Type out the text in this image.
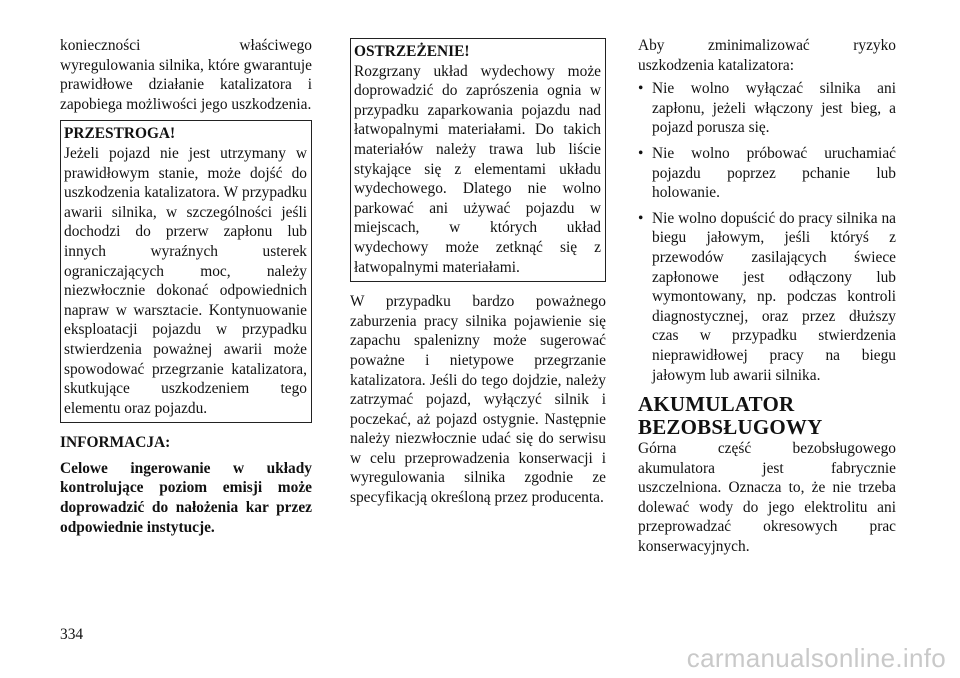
konieczności właściwego wyregulowania silnika, które gwarantuje prawidłowe działanie katalizatora i zapobiega możliwości jego uszkodzenia.

PRZESTROGA!

Jeżeli pojazd nie jest utrzymany w prawidłowym stanie, może dojść do uszkodzenia katalizatora. W przypadku awarii silnika, w szczególności jeśli dochodzi do przerw zapłonu lub innych wyraźnych usterek ograniczających moc, należy niezwłocznie dokonać odpowiednich napraw w warsztacie. Kontynuowanie eksploatacji pojazdu w przypadku stwierdzenia poważnej awarii może spowodować przegrzanie katalizatora, skutkujące uszkodzeniem tego elementu oraz pojazdu.

INFORMACJA:

Celowe ingerowanie w układy kontrolujące poziom emisji może doprowadzić do nałożenia kar przez odpowiednie instytucje.

OSTRZEŻENIE!

Rozgrzany układ wydechowy może doprowadzić do zaprószenia ognia w przypadku zaparkowania pojazdu nad łatwopalnymi materiałami. Do takich materiałów należy trawa lub liście stykające się z elementami układu wydechowego. Dlatego nie wolno parkować ani używać pojazdu w miejscach, w których układ wydechowy może zetknąć się z łatwopalnymi materiałami.

W przypadku bardzo poważnego zaburzenia pracy silnika pojawienie się zapachu spalenizny może sugerować poważne i nietypowe przegrzanie katalizatora. Jeśli do tego dojdzie, należy zatrzymać pojazd, wyłączyć silnik i poczekać, aż pojazd ostygnie. Następnie należy niezwłocznie udać się do serwisu w celu przeprowadzenia konserwacji i wyregulowania silnika zgodnie ze specyfikacją określoną przez producenta.

Aby zminimalizować ryzyko uszkodzenia katalizatora:

• Nie wolno wyłączać silnika ani zapłonu, jeżeli włączony jest bieg, a pojazd porusza się.
• Nie wolno próbować uruchamiać pojazdu poprzez pchanie lub holowanie.
• Nie wolno dopuścić do pracy silnika na biegu jałowym, jeśli któryś z przewodów zasilających świece zapłonowe jest odłączony lub wymontowany, np. podczas kontroli diagnostycznej, oraz przez dłuższy czas w przypadku stwierdzenia nieprawidłowej pracy na biegu jałowym lub awarii silnika.
AKUMULATOR
BEZOBSŁUGOWY

Górna część bezobsługowego akumulatora jest fabrycznie uszczelniona. Oznacza to, że nie trzeba dolewać wody do jego elektrolitu ani przeprowadzać okresowych prac konserwacyjnych.

334
carmanualsonline.info
